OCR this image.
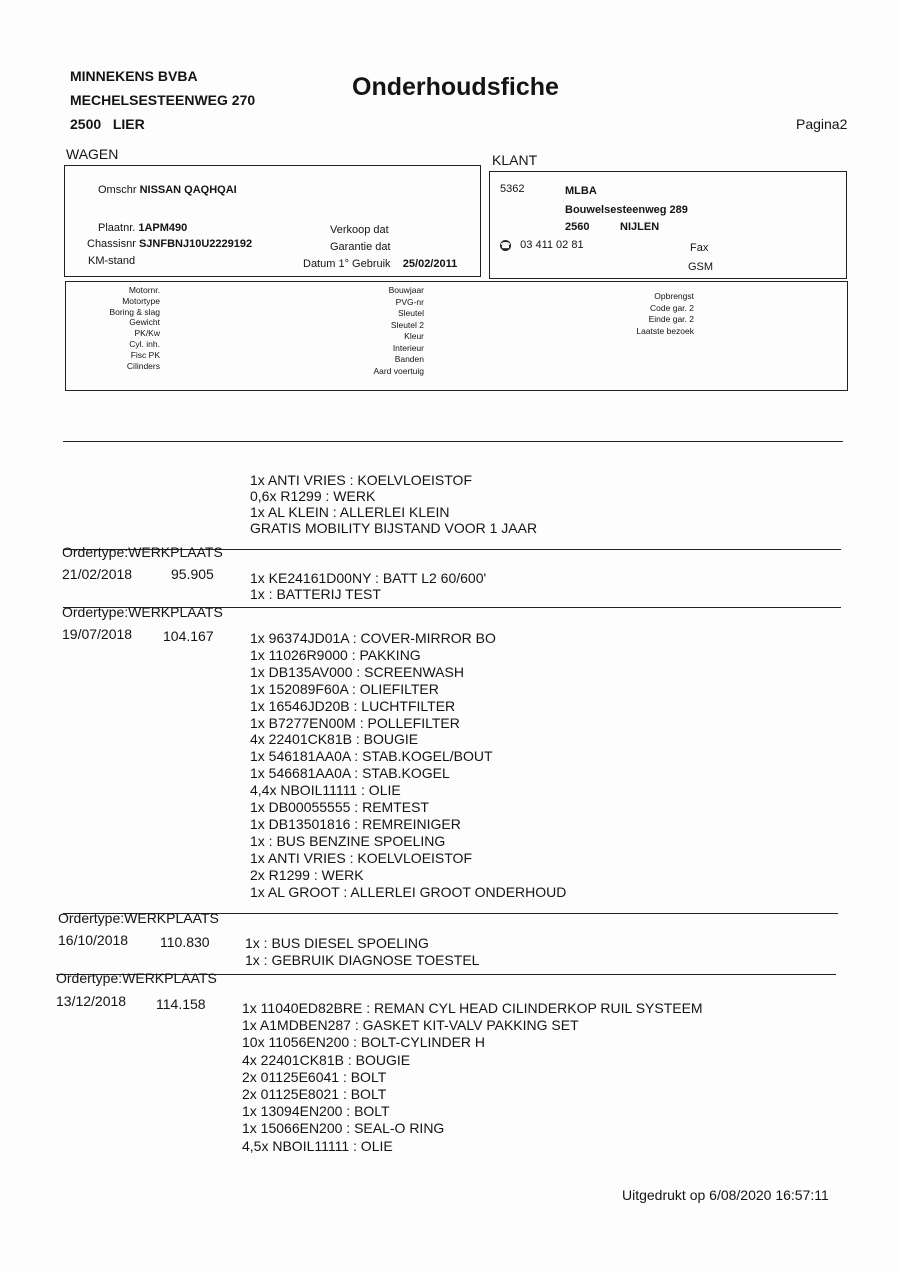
MINNEKENS BVBA
MECHELSESTEENWEG 270
2500 LIER
Onderhoudsfiche
Pagina2
WAGEN	KLANT
Omschr NISSAN QAQHQAI
Plaatnr. 1APM490
Chassisnr SJNFBNJ10U2229192
KM-stand
Verkoop dat
Garantie dat
Datum 1° Gebruik 25/02/2011
5362	MLBA
Bouwelsesteenweg 289
2560	NIJLEN
☎ 03 411 02 81	Fax
GSM
Motornr.
Motortype
Boring & slag
Gewicht
PK/Kw
Cyl. inh.
Fisc PK
Cilinders
Bouwjaar
PVG-nr
Sleutel
Sleutel 2
Kleur
Interieur
Banden
Aard voertuig
Opbrengst
Code gar. 2
Einde gar. 2
Laatste bezoek
1x ANTI VRIES : KOELVLOEISTOF
0,6x R1299 : WERK
1x AL KLEIN : ALLERLEI KLEIN
GRATIS MOBILITY BIJSTAND VOOR 1 JAAR
Ordertype:WERKPLAATS
21/02/2018	95.905	1x KE24161D00NY : BATT L2 60/600'
1x : BATTERIJ TEST
Ordertype:WERKPLAATS
19/07/2018 104.167	1x 96374JD01A : COVER-MIRROR BO
1x 11026R9000 : PAKKING
1x DB135AV000 : SCREENWASH
1x 152089F60A : OLIEFILTER
1x 16546JD20B : LUCHTFILTER
1x B7277EN00M : POLLEFILTER
4x 22401CK81B : BOUGIE
1x 546181AA0A : STAB.KOGEL/BOUT
1x 546681AA0A : STAB.KOGEL
4,4x NBOIL11111 : OLIE
1x DB00055555 : REMTEST
1x DB13501816 : REMREINIGER
1x : BUS BENZINE SPOELING
1x ANTI VRIES : KOELVLOEISTOF
2x R1299 : WERK
1x AL GROOT : ALLERLEI GROOT ONDERHOUD
Ordertype:WERKPLAATS
16/10/2018 110.830	1x : BUS DIESEL SPOELING
1x : GEBRUIK DIAGNOSE TOESTEL
Ordertype:WERKPLAATS
13/12/2018 114.158	1x 11040ED82BRE : REMAN CYL HEAD CILINDERKOP RUIL SYSTEEM
1x A1MDBEN287 : GASKET KIT-VALV PAKKING SET
10x 11056EN200 : BOLT-CYLINDER H
4x 22401CK81B : BOUGIE
2x 01125E6041 : BOLT
2x 01125E8021 : BOLT
1x 13094EN200 : BOLT
1x 15066EN200 : SEAL-O RING
4,5x NBOIL11111 : OLIE
Uitgedrukt op 6/08/2020 16:57:11
